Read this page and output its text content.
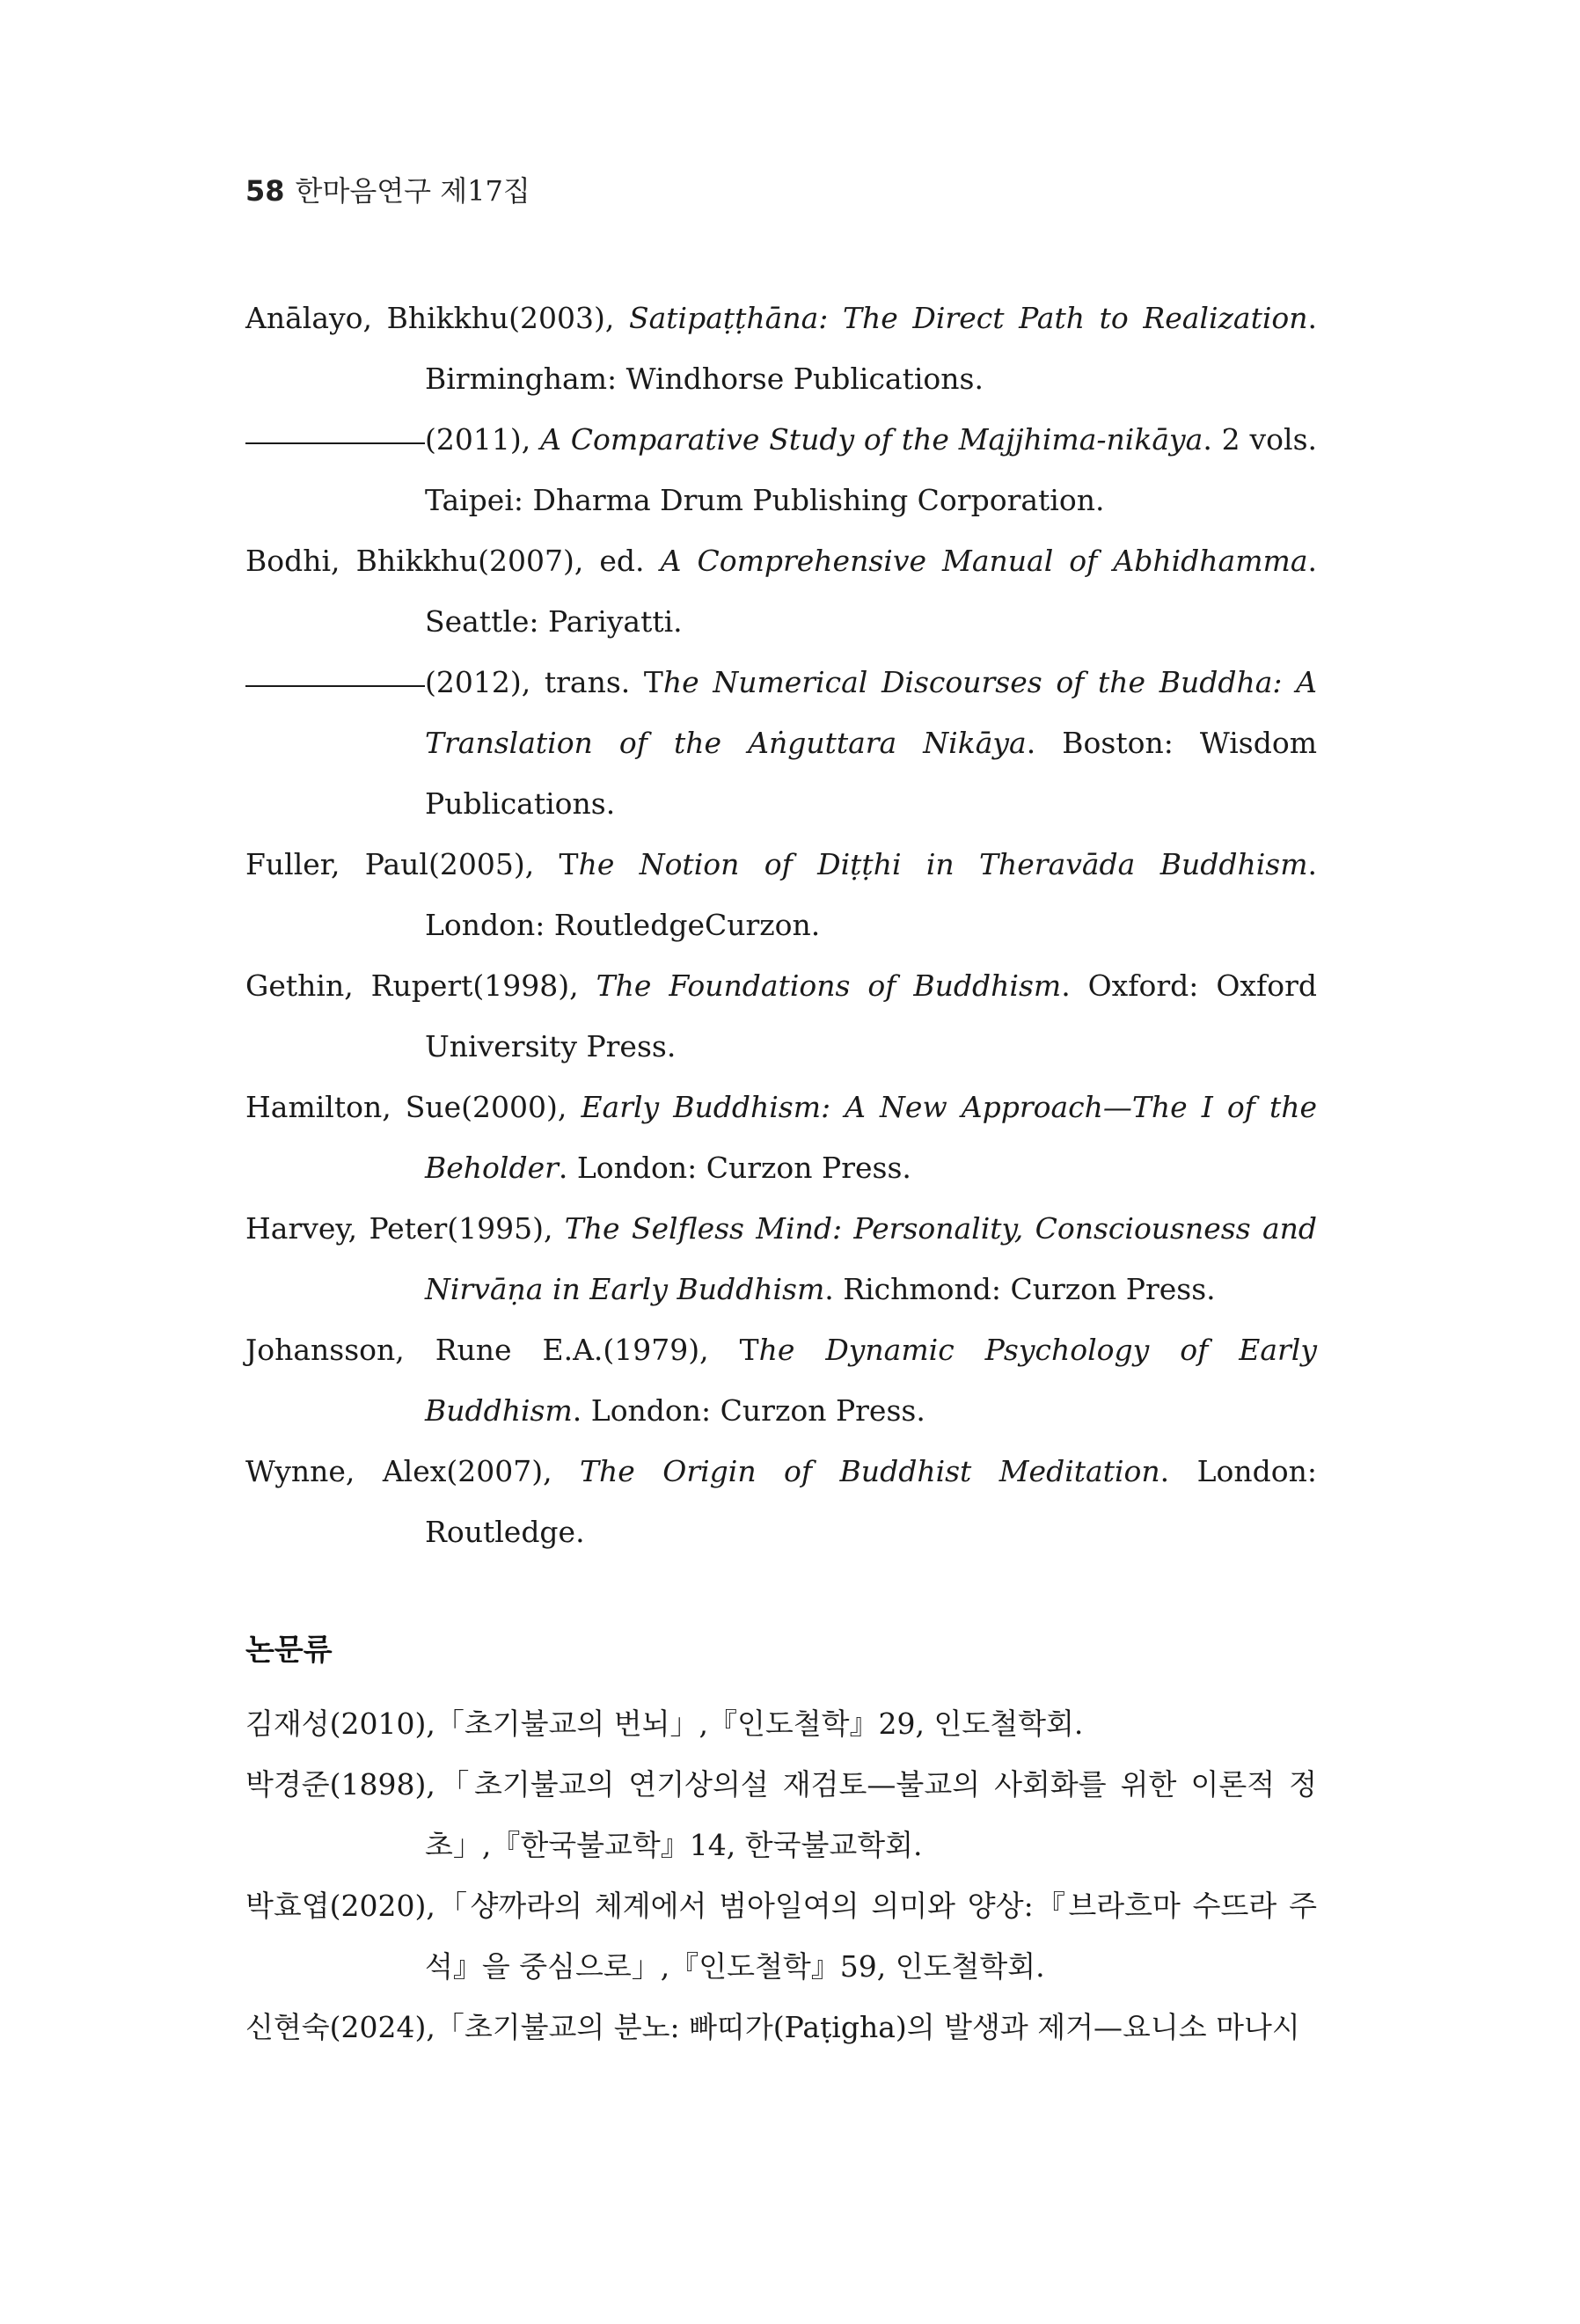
58 한마음연구 제17집
Anālayo, Bhikkhu(2003), Satipaṭṭhāna: The Direct Path to Realization. Birmingham: Windhorse Publications.
(2011), A Comparative Study of the Majjhima-nikāya. 2 vols. Taipei: Dharma Drum Publishing Corporation.
Bodhi, Bhikkhu(2007), ed. A Comprehensive Manual of Abhidhamma. Seattle: Pariyatti.
(2012), trans. The Numerical Discourses of the Buddha: A Translation of the Aṅguttara Nikāya. Boston: Wisdom Publications.
Fuller, Paul(2005), The Notion of Diṭṭhi in Theravāda Buddhism. London: RoutledgeCurzon.
Gethin, Rupert(1998), The Foundations of Buddhism. Oxford: Oxford University Press.
Hamilton, Sue(2000), Early Buddhism: A New Approach—The I of the Beholder. London: Curzon Press.
Harvey, Peter(1995), The Selfless Mind: Personality, Consciousness and Nirvāṇa in Early Buddhism. Richmond: Curzon Press.
Johansson, Rune E.A.(1979), The Dynamic Psychology of Early Buddhism. London: Curzon Press.
Wynne, Alex(2007), The Origin of Buddhist Meditation. London: Routledge.
논문류
김재성(2010),「초기불교의 번뇌」,『인도철학』29, 인도철학회.
박경준(1898),「초기불교의 연기상의설 재검토—불교의 사회화를 위한 이론적 정초」,『한국불교학』14, 한국불교학회.
박효엽(2020),「샹까라의 체계에서 범아일여의 의미와 양상:『브라흐마 수뜨라 주석』을 중심으로」,『인도철학』59, 인도철학회.
신현숙(2024),「초기불교의 분노: 빠띠가(Paṭigha)의 발생과 제거—요니소 마나시
